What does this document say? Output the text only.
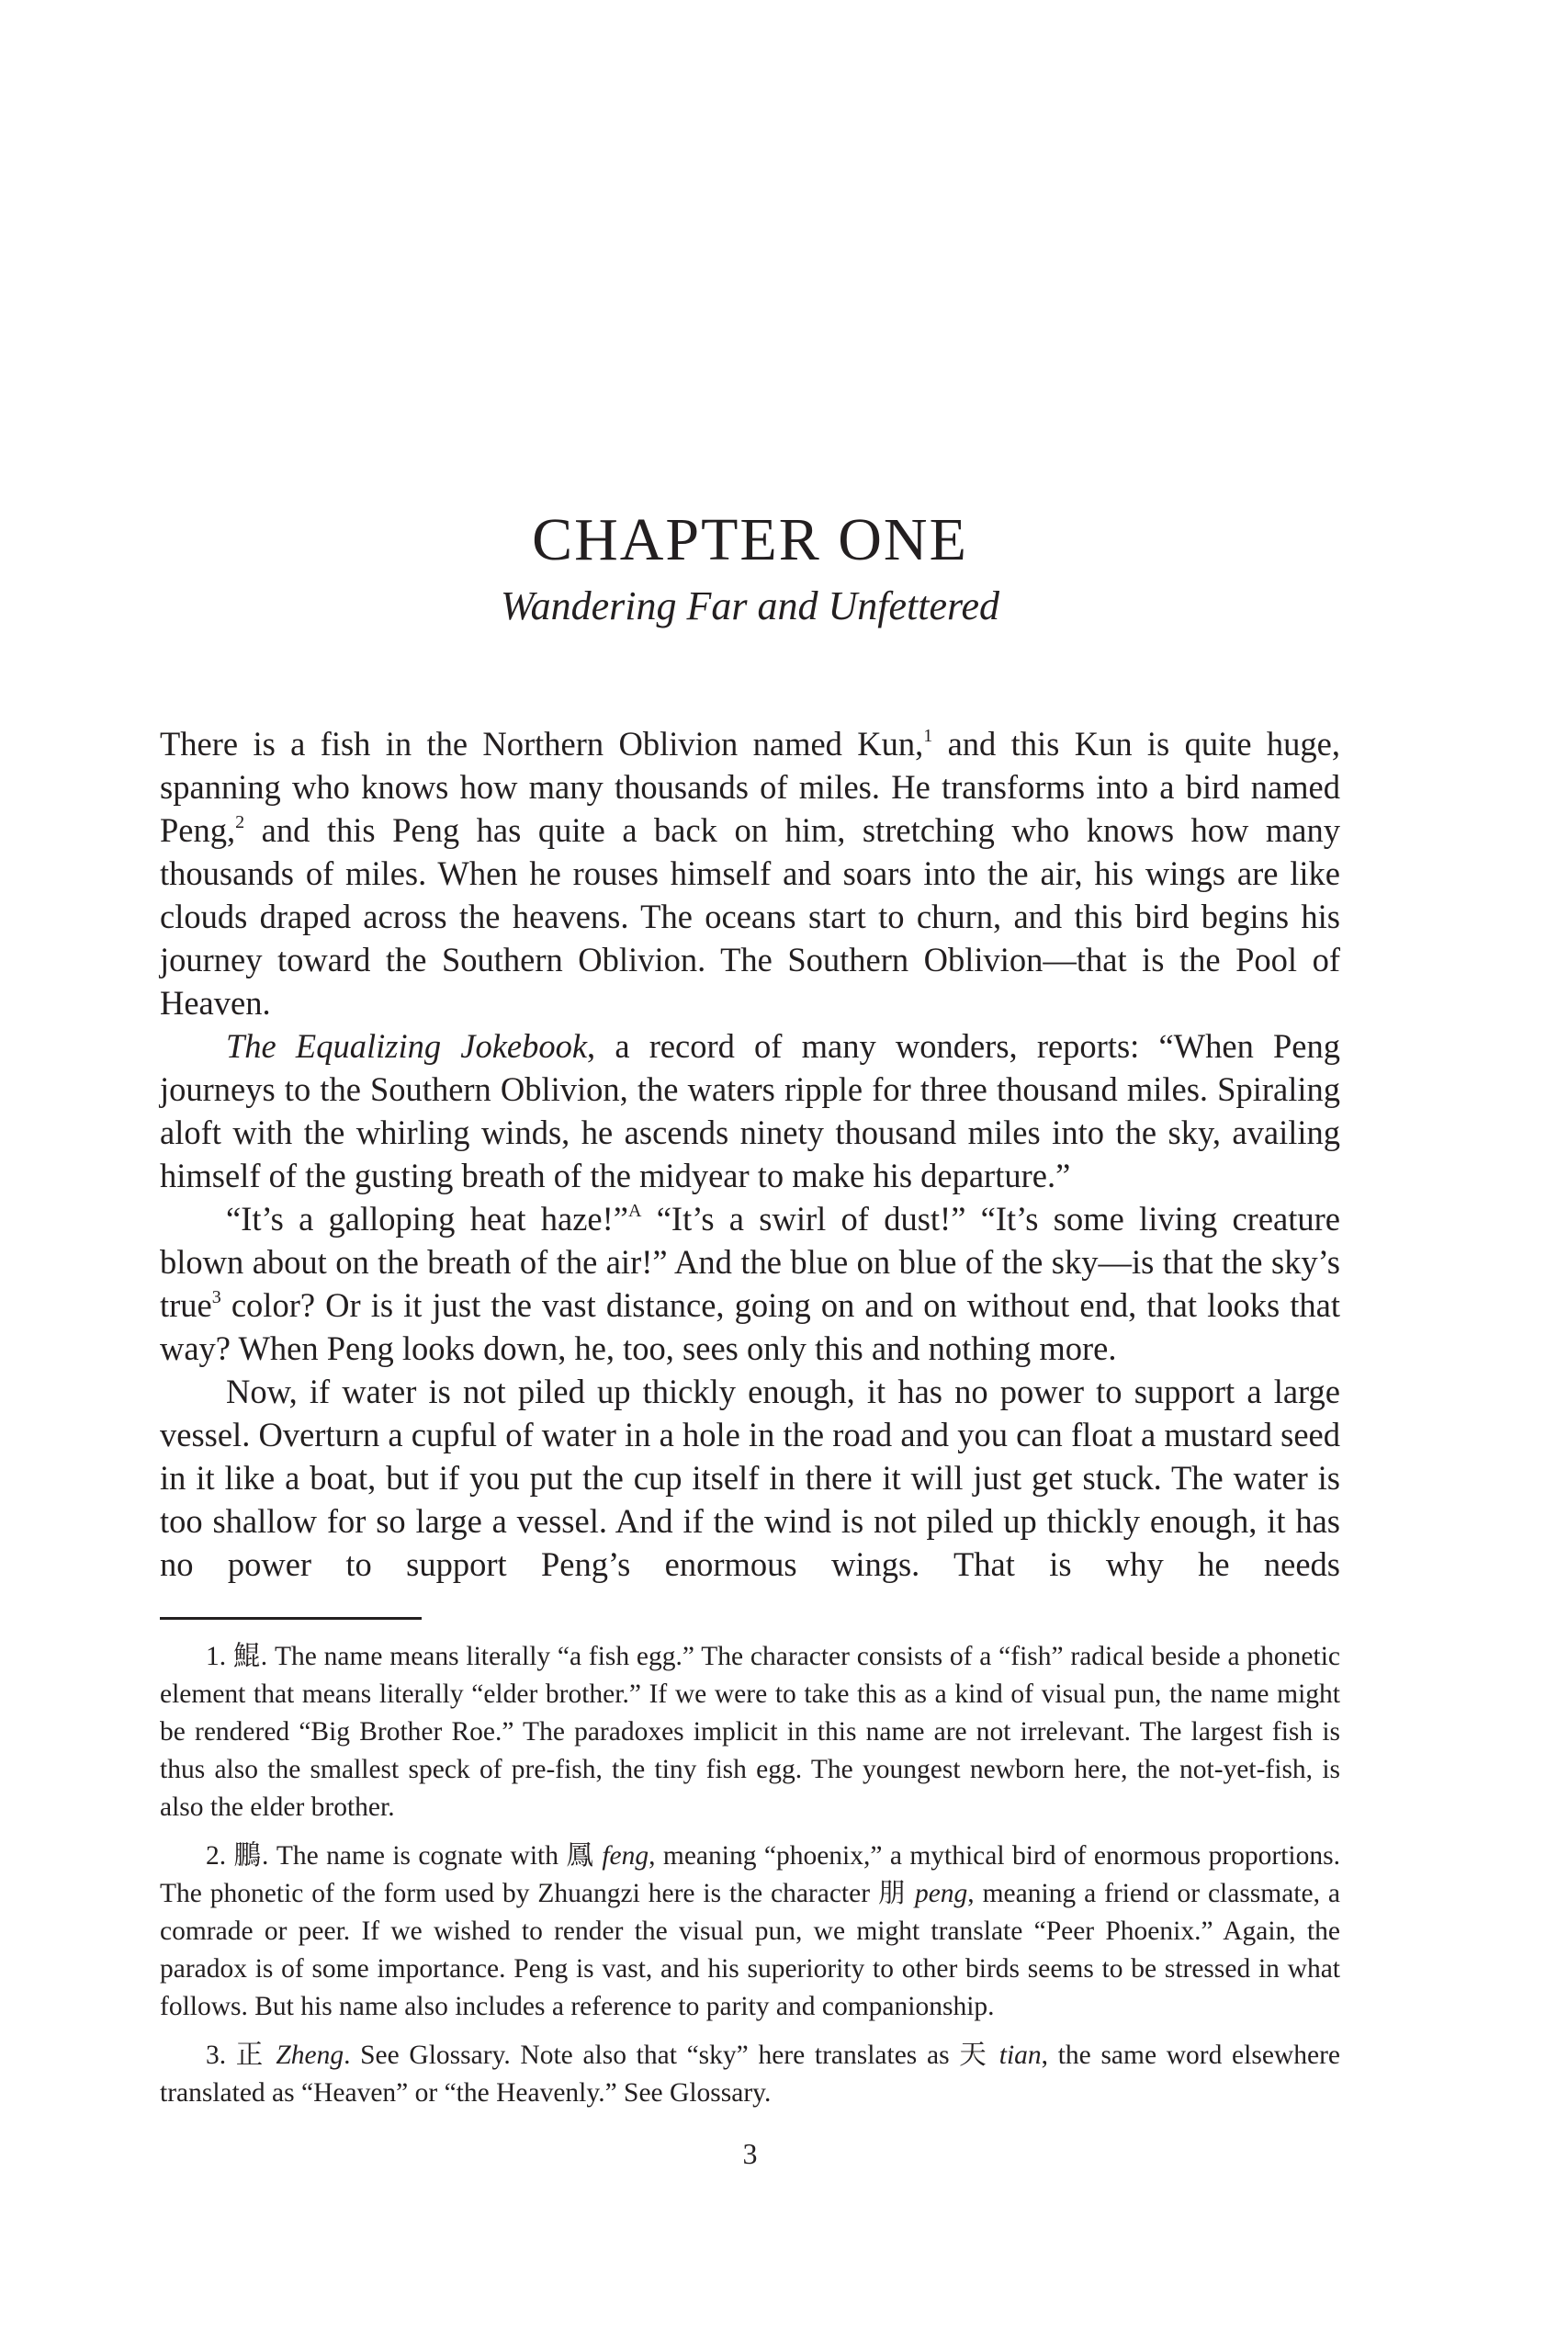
CHAPTER ONE
Wandering Far and Unfettered

There is a fish in the Northern Oblivion named Kun,$^1$ and this Kun is quite huge, spanning who knows how many thousands of miles. He transforms into a bird named Peng,$^2$ and this Peng has quite a back on him, stretching who knows how many thousands of miles. When he rouses himself and soars into the air, his wings are like clouds draped across the heavens. The oceans start to churn, and this bird begins his journey toward the Southern Oblivion. The Southern Oblivion—that is the Pool of Heaven.

The Equalizing Jokebook, a record of many wonders, reports: “When Peng journeys to the Southern Oblivion, the waters ripple for three thousand miles. Spiraling aloft with the whirling winds, he ascends ninety thousand miles into the sky, availing himself of the gusting breath of the midyear to make his departure.”

“It’s a galloping heat haze!”$^A$ “It’s a swirl of dust!” “It’s some living creature blown about on the breath of the air!” And the blue on blue of the sky—is that the sky’s true$^3$ color? Or is it just the vast distance, going on and on without end, that looks that way? When Peng looks down, he, too, sees only this and nothing more.

Now, if water is not piled up thickly enough, it has no power to support a large vessel. Overturn a cupful of water in a hole in the road and you can float a mustard seed in it like a boat, but if you put the cup itself in there it will just get stuck. The water is too shallow for so large a vessel. And if the wind is not piled up thickly enough, it has no power to support Peng’s enormous wings. That is why he needs

1. 鯤. The name means literally “a fish egg.” The character consists of a “fish” radical beside a phonetic element that means literally “elder brother.” If we were to take this as a kind of visual pun, the name might be rendered “Big Brother Roe.” The paradoxes implicit in this name are not irrelevant. The largest fish is thus also the smallest speck of pre-fish, the tiny fish egg. The youngest newborn here, the not-yet-fish, is also the elder brother.

2. 鵬. The name is cognate with 鳳 feng, meaning “phoenix,” a mythical bird of enormous proportions. The phonetic of the form used by Zhuangzi here is the character 朋 peng, meaning a friend or classmate, a comrade or peer. If we wished to render the visual pun, we might translate “Peer Phoenix.” Again, the paradox is of some importance. Peng is vast, and his superiority to other birds seems to be stressed in what follows. But his name also includes a reference to parity and companionship.

3. 正 Zheng. See Glossary. Note also that “sky” here translates as 天 tian, the same word elsewhere translated as “Heaven” or “the Heavenly.” See Glossary.

3
